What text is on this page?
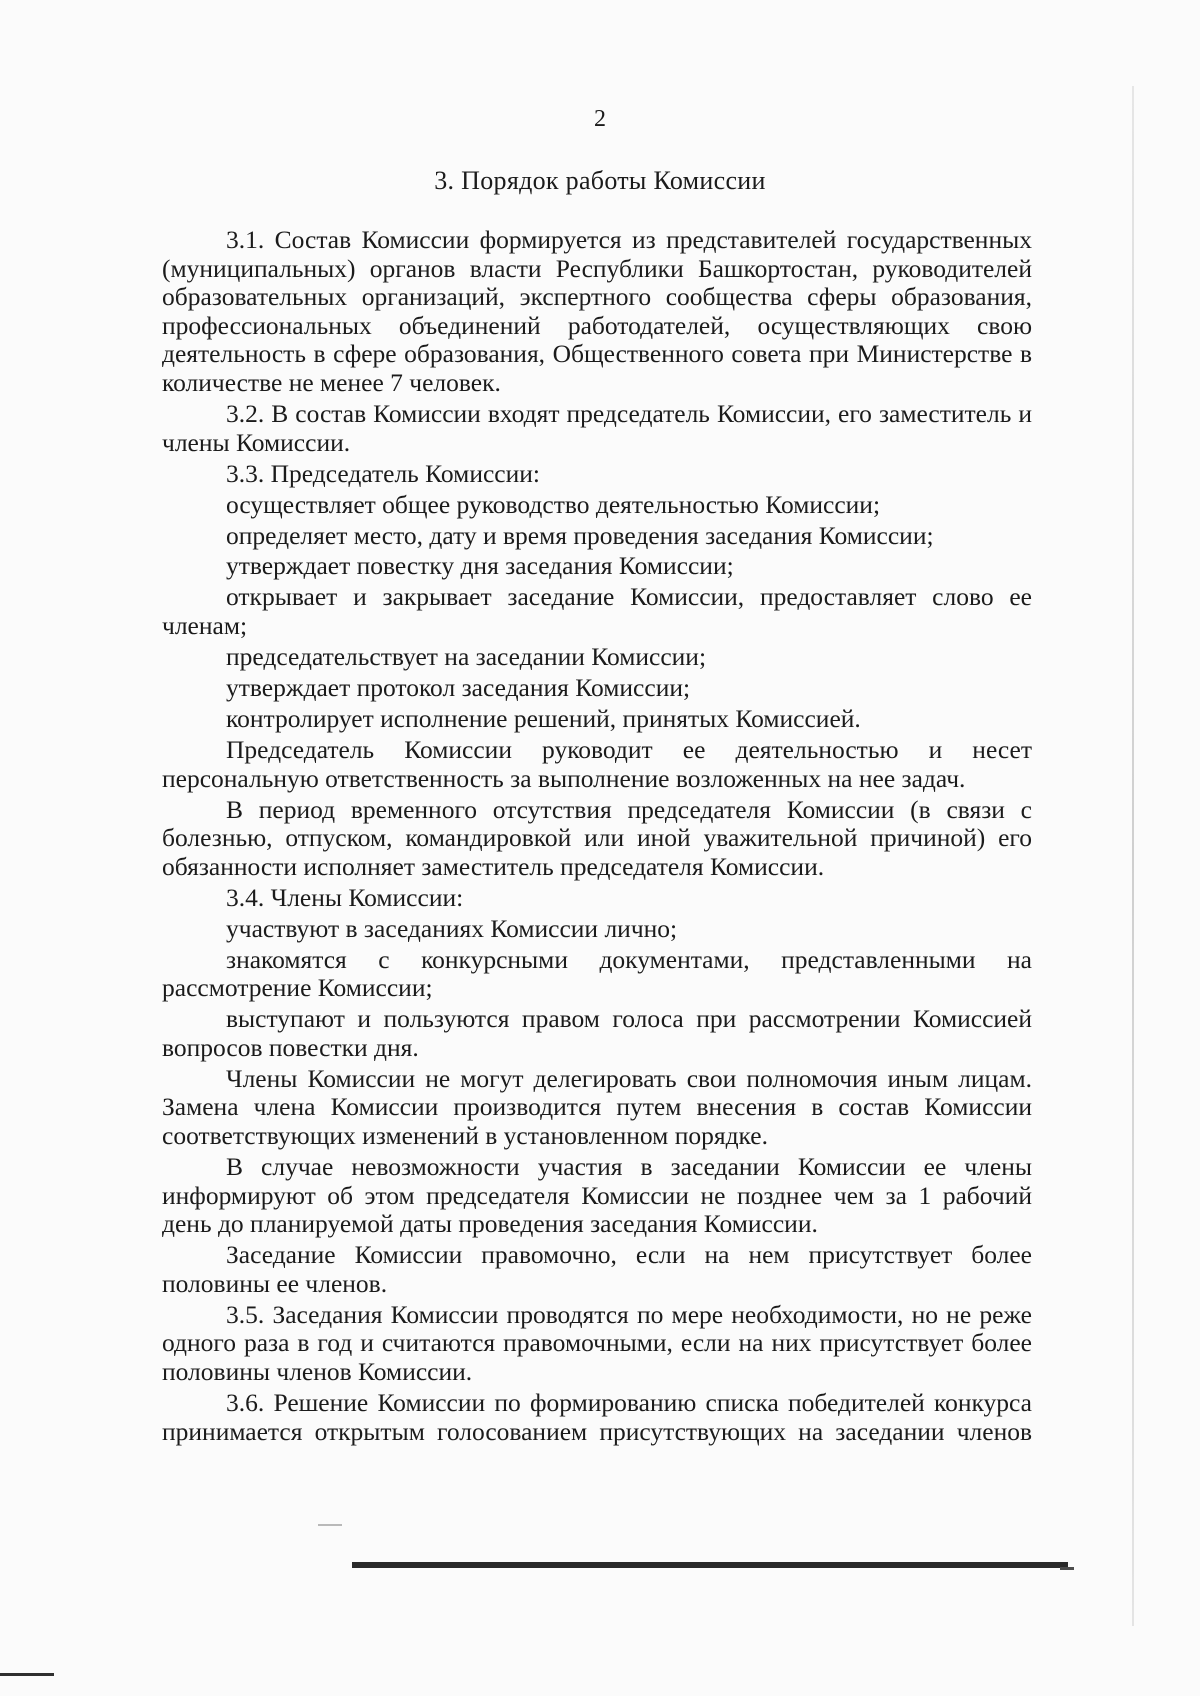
2
3. Порядок работы Комиссии

3.1. Состав Комиссии формируется из представителей государственных (муниципальных) органов власти Республики Башкортостан, руководителей образовательных организаций, экспертного сообщества сферы образования, профессиональных объединений работодателей, осуществляющих свою деятельность в сфере образования, Общественного совета при Министерстве в количестве не менее 7 человек.

3.2. В состав Комиссии входят председатель Комиссии, его заместитель и члены Комиссии.

3.3. Председатель Комиссии:

осуществляет общее руководство деятельностью Комиссии;

определяет место, дату и время проведения заседания Комиссии;

утверждает повестку дня заседания Комиссии;

открывает и закрывает заседание Комиссии, предоставляет слово ее членам;

председательствует на заседании Комиссии;

утверждает протокол заседания Комиссии;

контролирует исполнение решений, принятых Комиссией.

Председатель Комиссии руководит ее деятельностью и несет персональную ответственность за выполнение возложенных на нее задач.

В период временного отсутствия председателя Комиссии (в связи с болезнью, отпуском, командировкой или иной уважительной причиной) его обязанности исполняет заместитель председателя Комиссии.

3.4. Члены Комиссии:

участвуют в заседаниях Комиссии лично;

знакомятся с конкурсными документами, представленными на рассмотрение Комиссии;

выступают и пользуются правом голоса при рассмотрении Комиссией вопросов повестки дня.

Члены Комиссии не могут делегировать свои полномочия иным лицам. Замена члена Комиссии производится путем внесения в состав Комиссии соответствующих изменений в установленном порядке.

В случае невозможности участия в заседании Комиссии ее члены информируют об этом председателя Комиссии не позднее чем за 1 рабочий день до планируемой даты проведения заседания Комиссии.

Заседание Комиссии правомочно, если на нем присутствует более половины ее членов.

3.5. Заседания Комиссии проводятся по мере необходимости, но не реже одного раза в год и считаются правомочными, если на них присутствует более половины членов Комиссии.

3.6. Решение Комиссии по формированию списка победителей конкурса принимается открытым голосованием присутствующих на заседании членов
